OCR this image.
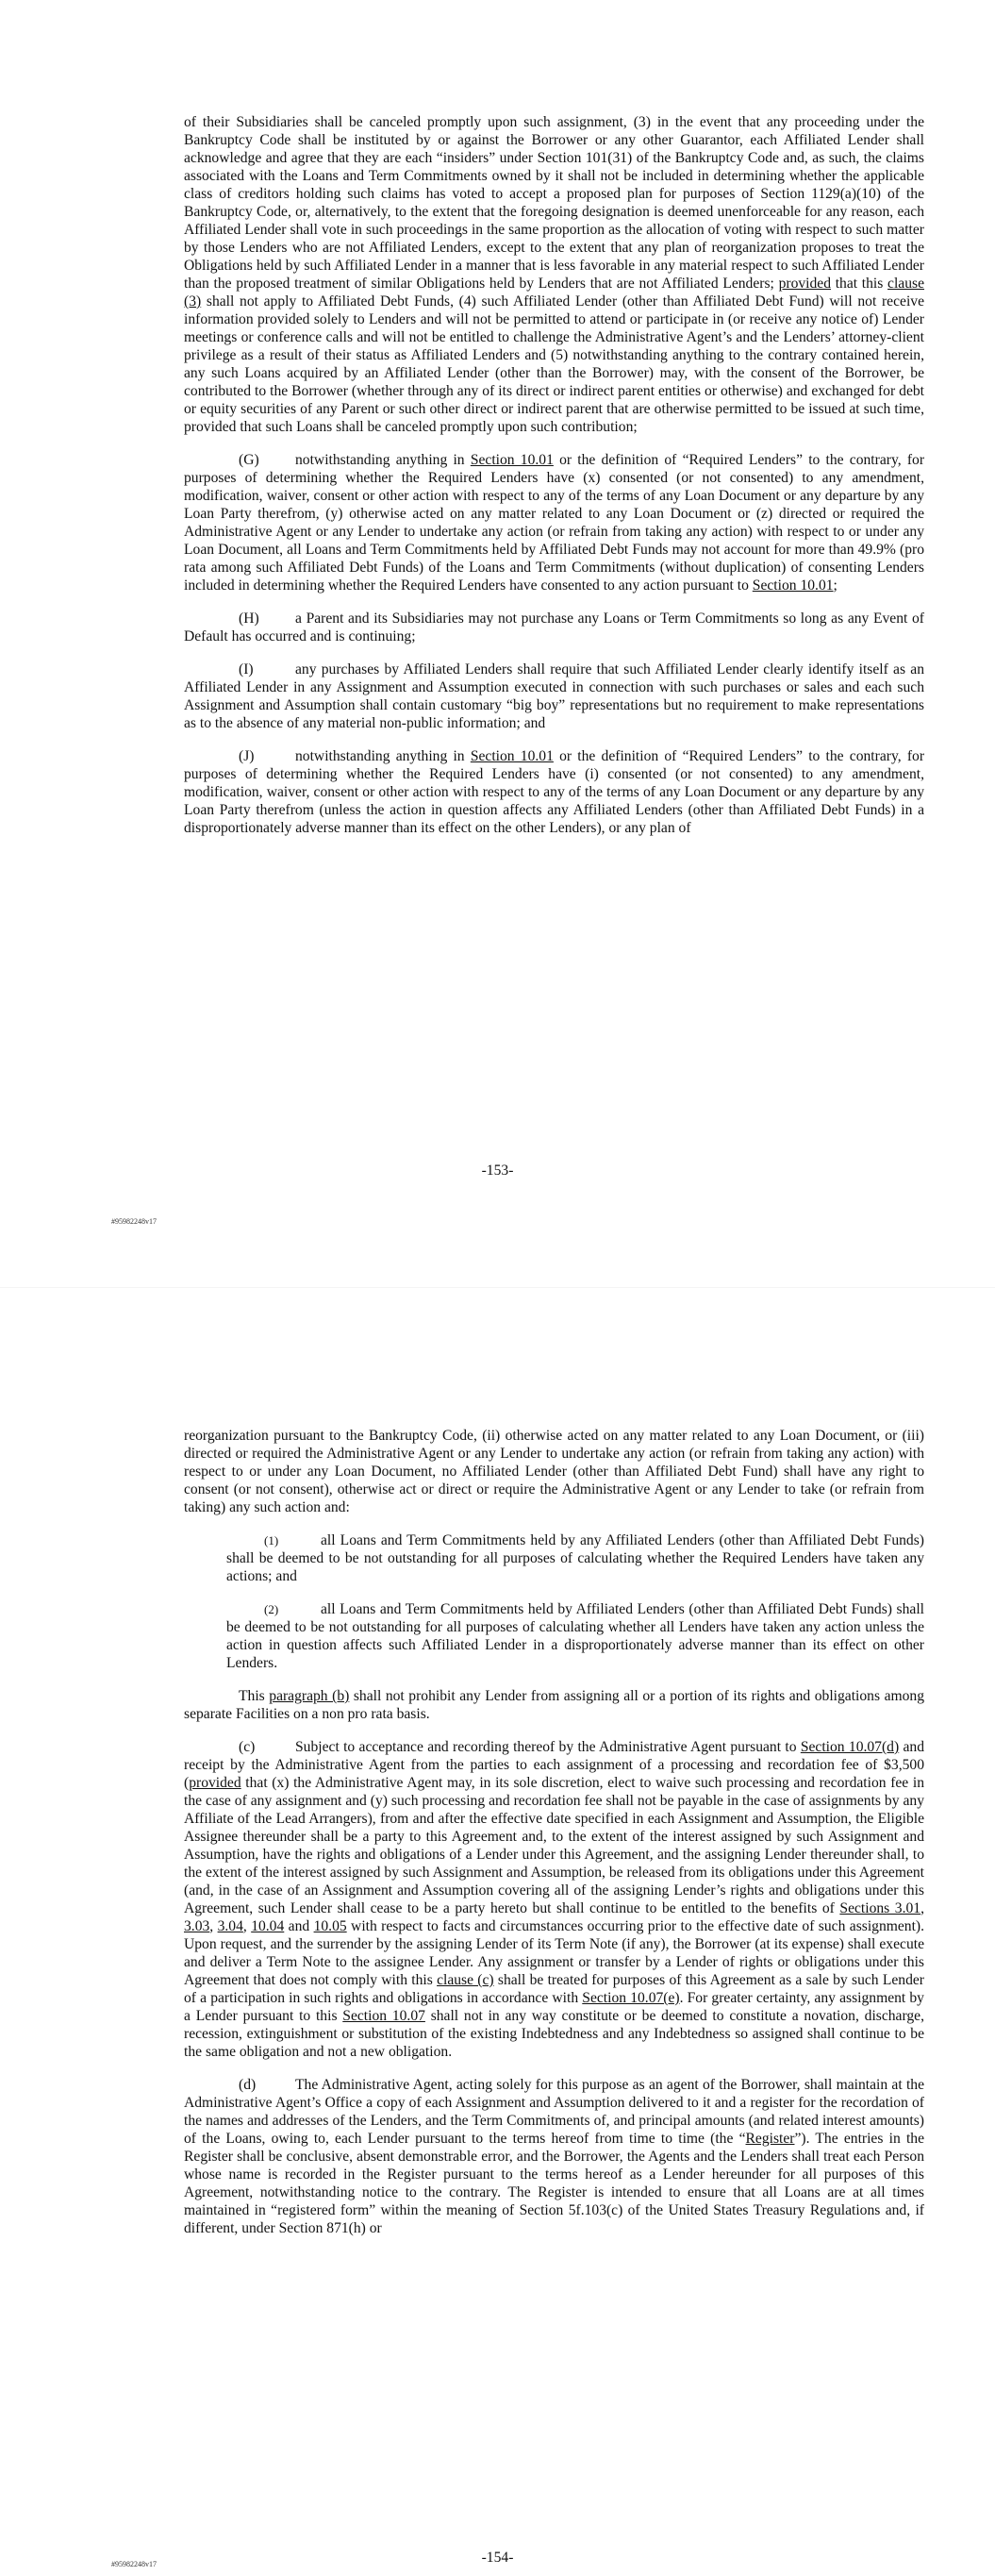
of their Subsidiaries shall be canceled promptly upon such assignment, (3) in the event that any proceeding under the Bankruptcy Code shall be instituted by or against the Borrower or any other Guarantor, each Affiliated Lender shall acknowledge and agree that they are each “insiders” under Section 101(31) of the Bankruptcy Code and, as such, the claims associated with the Loans and Term Commitments owned by it shall not be included in determining whether the applicable class of creditors holding such claims has voted to accept a proposed plan for purposes of Section 1129(a)(10) of the Bankruptcy Code, or, alternatively, to the extent that the foregoing designation is deemed unenforceable for any reason, each Affiliated Lender shall vote in such proceedings in the same proportion as the allocation of voting with respect to such matter by those Lenders who are not Affiliated Lenders, except to the extent that any plan of reorganization proposes to treat the Obligations held by such Affiliated Lender in a manner that is less favorable in any material respect to such Affiliated Lender than the proposed treatment of similar Obligations held by Lenders that are not Affiliated Lenders; provided that this clause (3) shall not apply to Affiliated Debt Funds, (4) such Affiliated Lender (other than Affiliated Debt Fund) will not receive information provided solely to Lenders and will not be permitted to attend or participate in (or receive any notice of) Lender meetings or conference calls and will not be entitled to challenge the Administrative Agent’s and the Lenders’ attorney-client privilege as a result of their status as Affiliated Lenders and (5) notwithstanding anything to the contrary contained herein, any such Loans acquired by an Affiliated Lender (other than the Borrower) may, with the consent of the Borrower, be contributed to the Borrower (whether through any of its direct or indirect parent entities or otherwise) and exchanged for debt or equity securities of any Parent or such other direct or indirect parent that are otherwise permitted to be issued at such time, provided that such Loans shall be canceled promptly upon such contribution;

(G) notwithstanding anything in Section 10.01 or the definition of “Required Lenders” to the contrary, for purposes of determining whether the Required Lenders have (x) consented (or not consented) to any amendment, modification, waiver, consent or other action with respect to any of the terms of any Loan Document or any departure by any Loan Party therefrom, (y) otherwise acted on any matter related to any Loan Document or (z) directed or required the Administrative Agent or any Lender to undertake any action (or refrain from taking any action) with respect to or under any Loan Document, all Loans and Term Commitments held by Affiliated Debt Funds may not account for more than 49.9% (pro rata among such Affiliated Debt Funds) of the Loans and Term Commitments (without duplication) of consenting Lenders included in determining whether the Required Lenders have consented to any action pursuant to Section 10.01;

(H) a Parent and its Subsidiaries may not purchase any Loans or Term Commitments so long as any Event of Default has occurred and is continuing;

(I)	any purchases by Affiliated Lenders shall require that such Affiliated Lender clearly identify itself as an Affiliated Lender in any Assignment and Assumption executed in connection with such purchases or sales and each such Assignment and Assumption shall contain customary “big boy” representations but no requirement to make representations as to the absence of any material non-public information; and

(J)	notwithstanding anything in Section 10.01 or the definition of “Required Lenders” to the contrary, for purposes of determining whether the Required Lenders have (i) consented (or not consented) to any amendment, modification, waiver, consent or other action with respect to any of the terms of any Loan Document or any departure by any Loan Party therefrom (unless the action in question affects any Affiliated Lenders (other than Affiliated Debt Funds) in a disproportionately adverse manner than its effect on the other Lenders), or any plan of

-153-
#95982248v17

reorganization pursuant to the Bankruptcy Code, (ii) otherwise acted on any matter related to any Loan Document, or (iii) directed or required the Administrative Agent or any Lender to undertake any action (or refrain from taking any action) with respect to or under any Loan Document, no Affiliated Lender (other than Affiliated Debt Fund) shall have any right to consent (or not consent), otherwise act or direct or require the Administrative Agent or any Lender to take (or refrain from taking) any such action and:

(1)	all Loans and Term Commitments held by any Affiliated Lenders (other than Affiliated Debt Funds) shall be deemed to be not outstanding for all purposes of calculating whether the Required Lenders have taken any actions; and

(2)	all Loans and Term Commitments held by Affiliated Lenders (other than Affiliated Debt Funds) shall be deemed to be not outstanding for all purposes of calculating whether all Lenders have taken any action unless the action in question affects such Affiliated Lender in a disproportionately adverse manner than its effect on other Lenders.

This paragraph (b) shall not prohibit any Lender from assigning all or a portion of its rights and obligations among separate Facilities on a non pro rata basis.

(c)	Subject to acceptance and recording thereof by the Administrative Agent pursuant to Section 10.07(d) and receipt by the Administrative Agent from the parties to each assignment of a processing and recordation fee of $3,500 (provided that (x) the Administrative Agent may, in its sole discretion, elect to waive such processing and recordation fee in the case of any assignment and (y) such processing and recordation fee shall not be payable in the case of assignments by any Affiliate of the Lead Arrangers), from and after the effective date specified in each Assignment and Assumption, the Eligible Assignee thereunder shall be a party to this Agreement and, to the extent of the interest assigned by such Assignment and Assumption, have the rights and obligations of a Lender under this Agreement, and the assigning Lender thereunder shall, to the extent of the interest assigned by such Assignment and Assumption, be released from its obligations under this Agreement (and, in the case of an Assignment and Assumption covering all of the assigning Lender’s rights and obligations under this Agreement, such Lender shall cease to be a party hereto but shall continue to be entitled to the benefits of Sections 3.01, 3.03, 3.04, 10.04 and 10.05 with respect to facts and circumstances occurring prior to the effective date of such assignment). Upon request, and the surrender by the assigning Lender of its Term Note (if any), the Borrower (at its expense) shall execute and deliver a Term Note to the assignee Lender. Any assignment or transfer by a Lender of rights or obligations under this Agreement that does not comply with this clause (c) shall be treated for purposes of this Agreement as a sale by such Lender of a participation in such rights and obligations in accordance with Section 10.07(e). For greater certainty, any assignment by a Lender pursuant to this Section 10.07 shall not in any way constitute or be deemed to constitute a novation, discharge, recession, extinguishment or substitution of the existing Indebtedness and any Indebtedness so assigned shall continue to be the same obligation and not a new obligation.

(d)	The Administrative Agent, acting solely for this purpose as an agent of the Borrower, shall maintain at the Administrative Agent’s Office a copy of each Assignment and Assumption delivered to it and a register for the recordation of the names and addresses of the Lenders, and the Term Commitments of, and principal amounts (and related interest amounts) of the Loans, owing to, each Lender pursuant to the terms hereof from time to time (the “Register”). The entries in the Register shall be conclusive, absent demonstrable error, and the Borrower, the Agents and the Lenders shall treat each Person whose name is recorded in the Register pursuant to the terms hereof as a Lender hereunder for all purposes of this Agreement, notwithstanding notice to the contrary. The Register is intended to ensure that all Loans are at all times maintained in “registered form” within the meaning of Section 5f.103(c) of the United States Treasury Regulations and, if different, under Section 871(h) or

-154-
#95982248v17
